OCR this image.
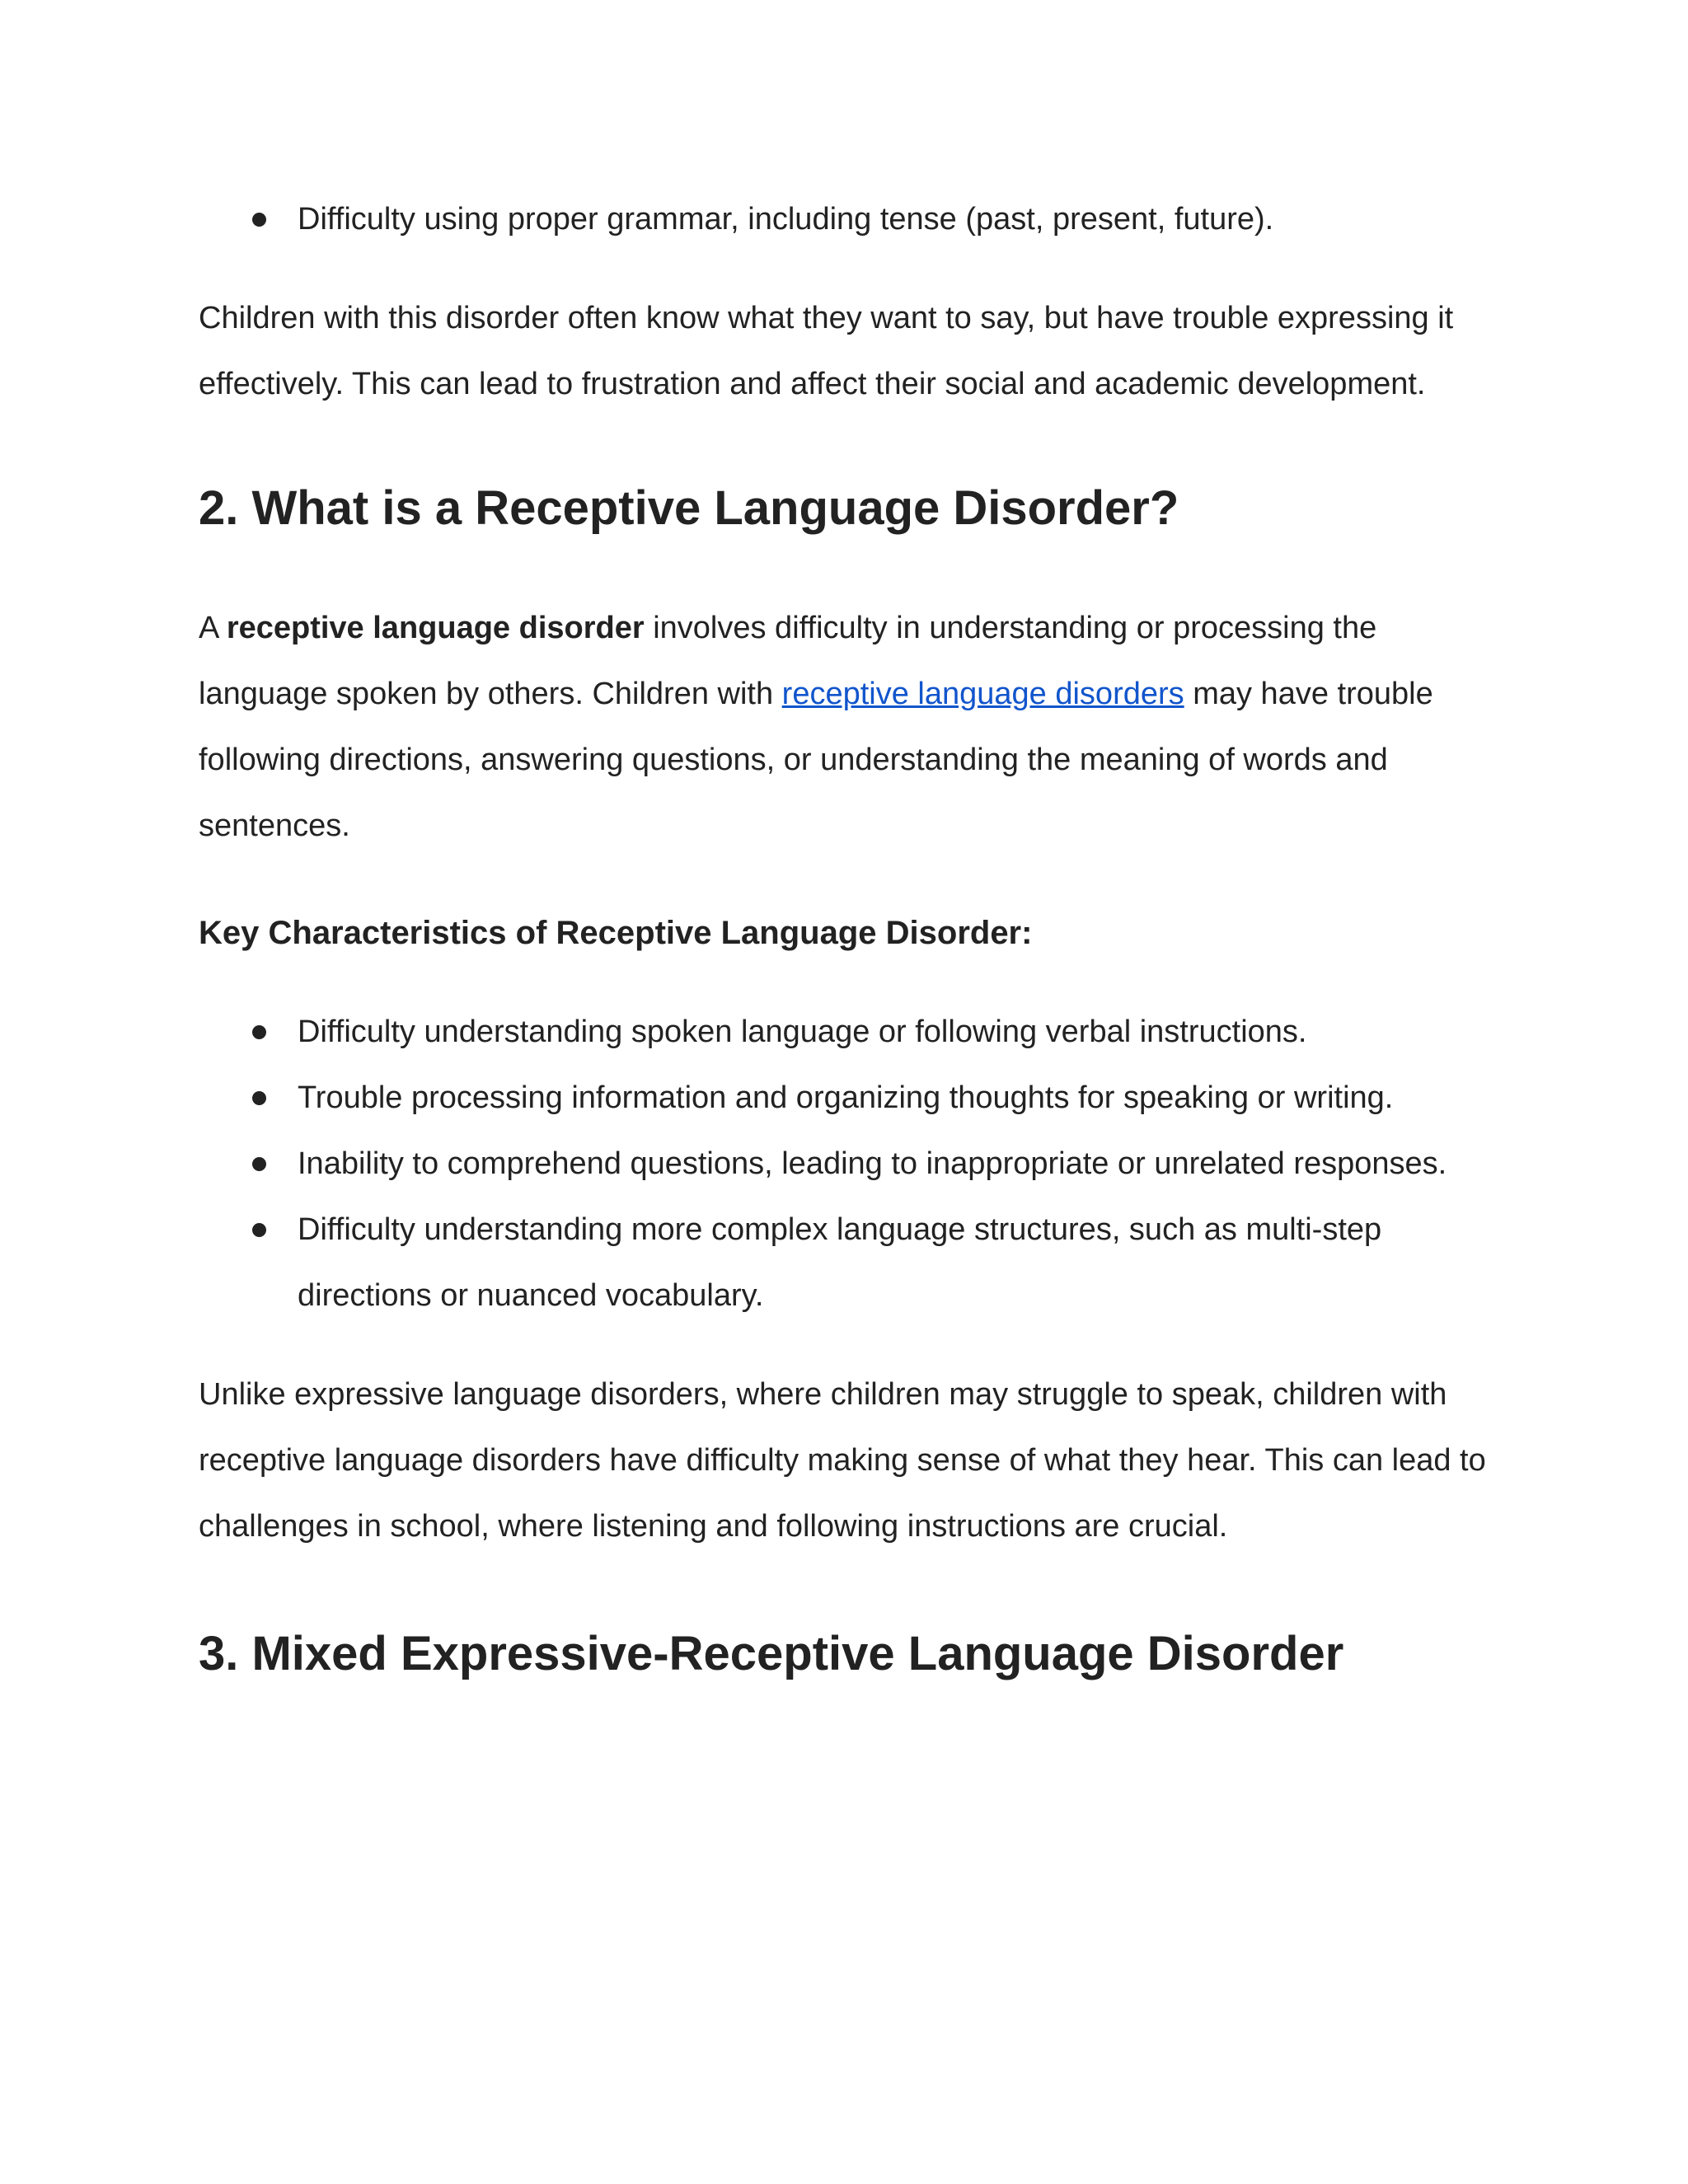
Difficulty using proper grammar, including tense (past, present, future).

Children with this disorder often know what they want to say, but have trouble expressing it effectively. This can lead to frustration and affect their social and academic development.

2. What is a Receptive Language Disorder?

A receptive language disorder involves difficulty in understanding or processing the language spoken by others. Children with receptive language disorders may have trouble following directions, answering questions, or understanding the meaning of words and sentences.

Key Characteristics of Receptive Language Disorder:
Difficulty understanding spoken language or following verbal instructions.
Trouble processing information and organizing thoughts for speaking or writing.
Inability to comprehend questions, leading to inappropriate or unrelated responses.
Difficulty understanding more complex language structures, such as multi-step directions or nuanced vocabulary.

Unlike expressive language disorders, where children may struggle to speak, children with receptive language disorders have difficulty making sense of what they hear. This can lead to challenges in school, where listening and following instructions are crucial.

3. Mixed Expressive-Receptive Language Disorder
